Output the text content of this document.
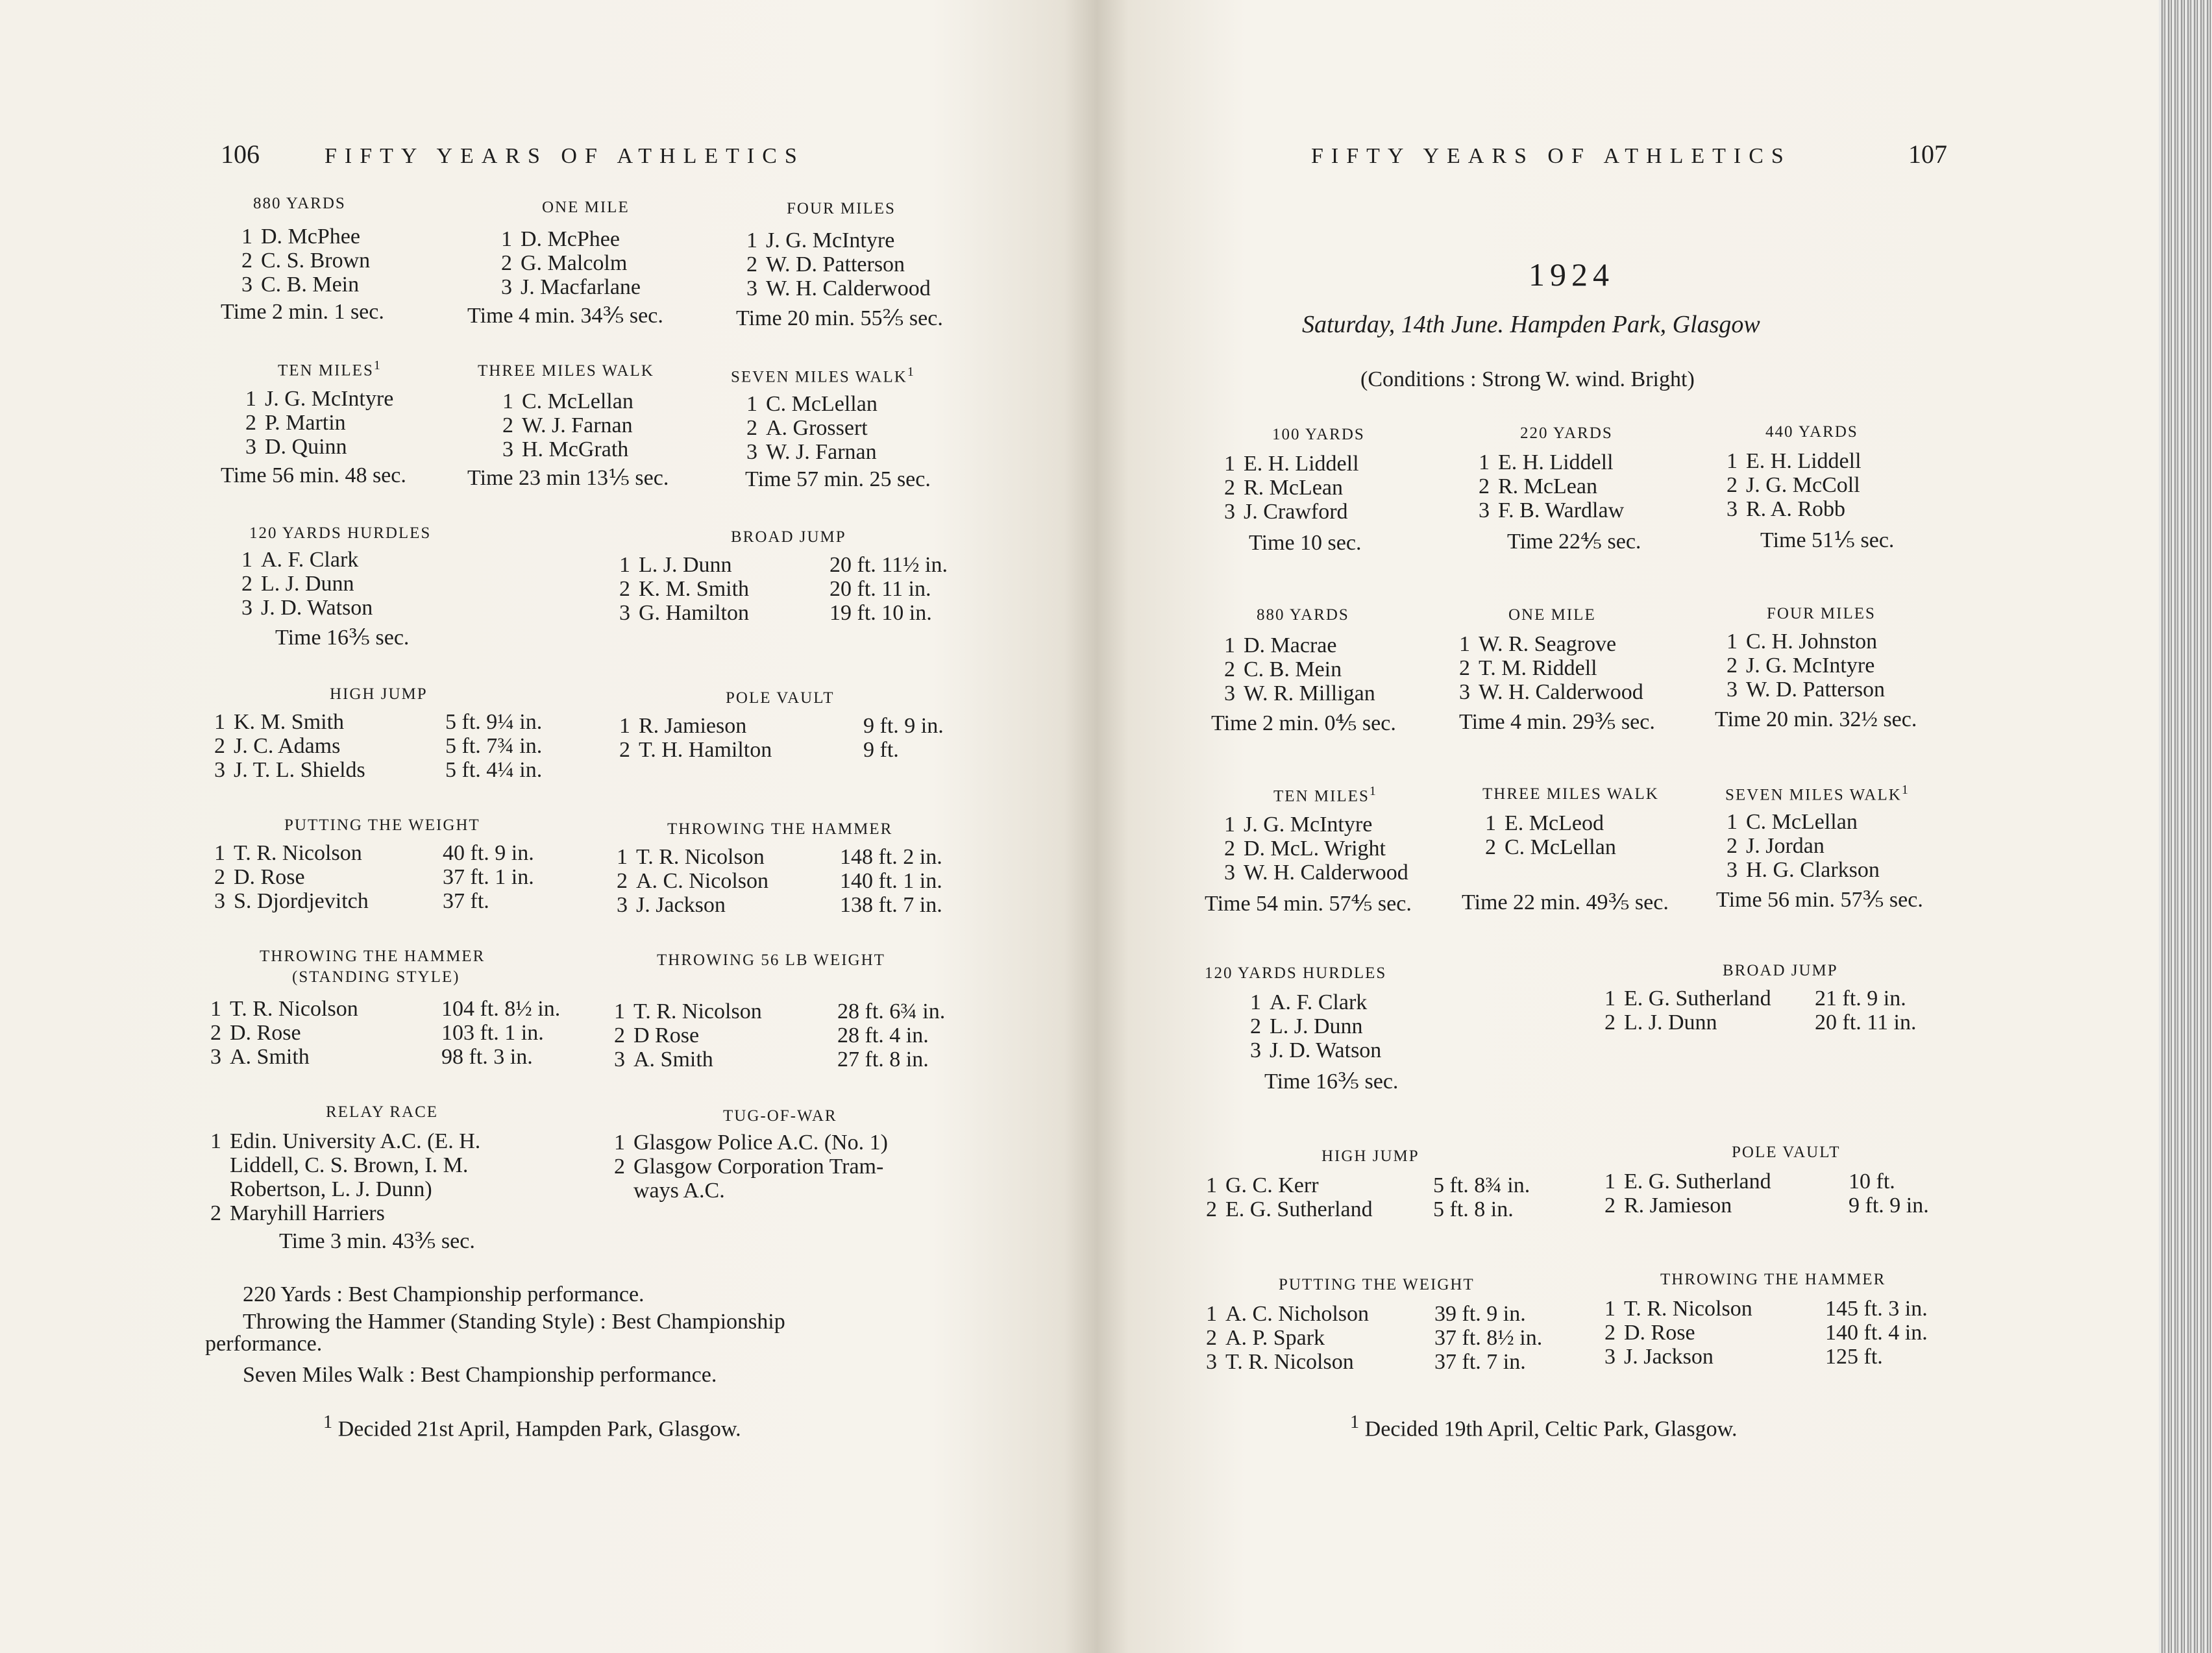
106	FIFTY YEARS OF ATHLETICS
880 YARDS
1 D. McPhee
2 C. S. Brown
3 C. B. Mein
Time 2 min. 1 sec.
ONE MILE
1 D. McPhee
2 G. Malcolm
3 J. Macfarlane
Time 4 min. 34⅗ sec.
FOUR MILES
1 J. G. McIntyre
2 W. D. Patterson
3 W. H. Calderwood
Time 20 min. 55⅖ sec.
TEN MILES$^1$
1 J. G. McIntyre
2 P. Martin
3 D. Quinn
Time 56 min. 48 sec.
THREE MILES WALK
1 C. McLellan
2 W. J. Farnan
3 H. McGrath
Time 23 min 13⅕ sec.
SEVEN MILES WALK$^1$
1 C. McLellan
2 A. Grossert
3 W. J. Farnan
Time 57 min. 25 sec.
120 YARDS HURDLES
1 A. F. Clark
2 L. J. Dunn
3 J. D. Watson
Time 16⅗ sec.
BROAD JUMP
1 L. J. Dunn	20 ft. 11½ in.
2 K. M. Smith	20 ft. 11 in.
3 G. Hamilton	19 ft. 10 in.
HIGH JUMP
1 K. M. Smith	5 ft. 9¼ in.
2 J. C. Adams	5 ft. 7¾ in.
3 J. T. L. Shields	5 ft. 4¼ in.
POLE VAULT
1 R. Jamieson	9 ft. 9 in.
2 T. H. Hamilton	9 ft.
PUTTING THE WEIGHT
1 T. R. Nicolson	40 ft. 9 in.
2 D. Rose	37 ft. 1 in.
3 S. Djordjevitch	37 ft.
THROWING THE HAMMER
1 T. R. Nicolson	148 ft. 2 in.
2 A. C. Nicolson	140 ft. 1 in.
3 J. Jackson	138 ft. 7 in.
THROWING THE HAMMER
(STANDING STYLE)
1 T. R. Nicolson	104 ft. 8½ in.
2 D. Rose	103 ft. 1 in.
3 A. Smith	98 ft. 3 in.
THROWING 56 LB WEIGHT
1 T. R. Nicolson	28 ft. 6¾ in.
2 D Rose	28 ft. 4 in.
3 A. Smith	27 ft. 8 in.
RELAY RACE
1 Edin. University A.C. (E. H.
Liddell, C. S. Brown, I. M.
Robertson, L. J. Dunn)
2 Maryhill Harriers
Time 3 min. 43⅗ sec.
TUG-OF-WAR
1 Glasgow Police A.C. (No. 1)
2 Glasgow Corporation Tram-
ways A.C.
220 Yards : Best Championship performance.
Throwing the Hammer (Standing Style) : Best Championship
performance.
Seven Miles Walk : Best Championship performance.
$^1$ Decided 21st April, Hampden Park, Glasgow.
FIFTY YEARS OF ATHLETICS	107
1924
Saturday, 14th June. Hampden Park, Glasgow
(Conditions : Strong W. wind. Bright)
100 YARDS
1 E. H. Liddell
2 R. McLean
3 J. Crawford
Time 10 sec.
220 YARDS
1 E. H. Liddell
2 R. McLean
3 F. B. Wardlaw
Time 22⅘ sec.
440 YARDS
1 E. H. Liddell
2 J. G. McColl
3 R. A. Robb
Time 51⅕ sec.
880 YARDS
1 D. Macrae
2 C. B. Mein
3 W. R. Milligan
Time 2 min. 0⅘ sec.
ONE MILE
1 W. R. Seagrove
2 T. M. Riddell
3 W. H. Calderwood
Time 4 min. 29⅗ sec.
FOUR MILES
1 C. H. Johnston
2 J. G. McIntyre
3 W. D. Patterson
Time 20 min. 32½ sec.
TEN MILES$^1$
1 J. G. McIntyre
2 D. McL. Wright
3 W. H. Calderwood
Time 54 min. 57⅘ sec.
THREE MILES WALK
1 E. McLeod
2 C. McLellan
Time 22 min. 49⅗ sec.
SEVEN MILES WALK$^1$
1 C. McLellan
2 J. Jordan
3 H. G. Clarkson
Time 56 min. 57⅗ sec.
120 YARDS HURDLES
1 A. F. Clark
2 L. J. Dunn
3 J. D. Watson
Time 16⅗ sec.
BROAD JUMP
1 E. G. Sutherland 21 ft. 9 in.
2 L. J. Dunn	20 ft. 11 in.
HIGH JUMP
1 G. C. Kerr	5 ft. 8¾ in.
2 E. G. Sutherland	5 ft. 8 in.
POLE VAULT
1 E. G. Sutherland	10 ft.
2 R. Jamieson	9 ft. 9 in.
PUTTING THE WEIGHT
1 A. C. Nicholson	39 ft. 9 in.
2 A. P. Spark	37 ft. 8½ in.
3 T. R. Nicolson	37 ft. 7 in.
THROWING THE HAMMER
1 T. R. Nicolson	145 ft. 3 in.
2 D. Rose	140 ft. 4 in.
3 J. Jackson	125 ft.
$^1$ Decided 19th April, Celtic Park, Glasgow.
